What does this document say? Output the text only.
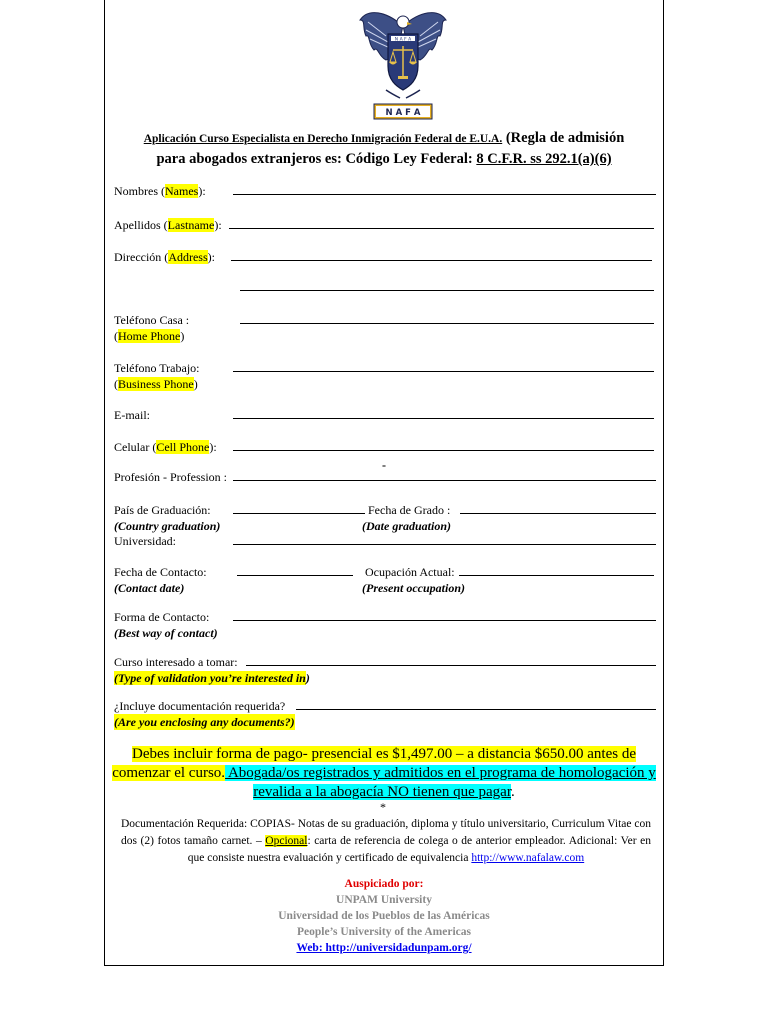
N A F A
N A F A
Aplicación Curso Especialista en Derecho Inmigración Federal de E.U.A. (Regla de admisión
para abogados extranjeros es: Código Ley Federal: 8 C.F.R. ss 292.1(a)(6)
Nombres (Names):
Apellidos (Lastname):
Dirección (Address):
Teléfono Casa :
(Home Phone)
Teléfono Trabajo:
(Business Phone)
E-mail:
Celular (Cell Phone):
-
Profesión - Profession :
País de Graduación:
(Country graduation)
Fecha de Grado :
(Date graduation)
Universidad:
Fecha de Contacto:
(Contact date)
Ocupación Actual:
(Present occupation)
Forma de Contacto:
(Best way of contact)
Curso interesado a tomar:
(Type of validation you’re interested in)
¿Incluye documentación requerida?
(Are you enclosing any documents?)
Debes incluir forma de pago- presencial es $1,497.00 – a distancia $650.00 antes de comenzar el curso. Abogada/os registrados y admitidos en el programa de homologación y revalida a la abogacía NO tienen que pagar.
*
Documentación Requerida: COPIAS- Notas de su graduación, diploma y título universitario, Curriculum Vitae con dos (2) fotos tamaño carnet. – Opcional: carta de referencia de colega o de anterior empleador. Adicional: Ver en que consiste nuestra evaluación y certificado de equivalencia http://www.nafalaw.com
Auspiciado por:
UNPAM University
Universidad de los Pueblos de las Américas
People’s University of the Americas
Web: http://universidadunpam.org/
